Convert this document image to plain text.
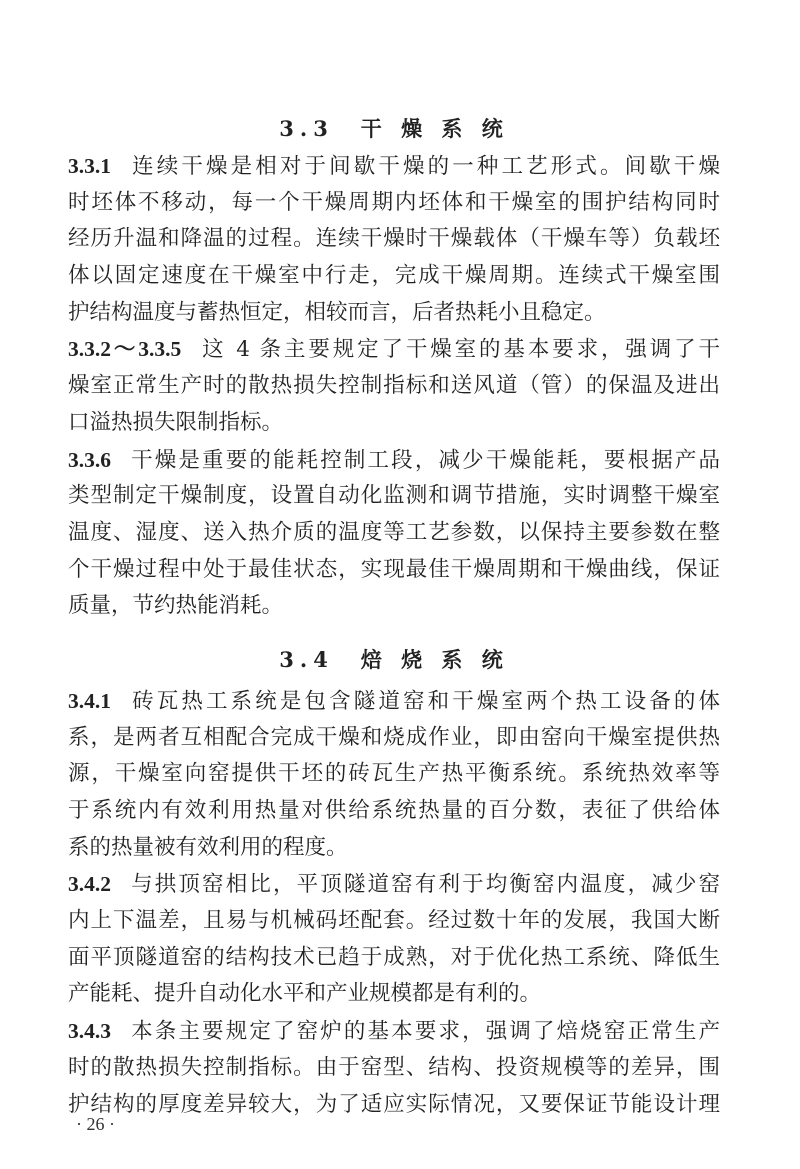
3.3　干 燥 系 统
3.3.1 连续干燥是相对于间歇干燥的一种工艺形式。间歇干燥
时坯体不移动，每一个干燥周期内坯体和干燥室的围护结构同时
经历升温和降温的过程。连续干燥时干燥载体（干燥车等）负载坯
体以固定速度在干燥室中行走，完成干燥周期。连续式干燥室围
护结构温度与蓄热恒定，相较而言，后者热耗小且稳定。
3.3.2～3.3.5 这 4 条主要规定了干燥室的基本要求，强调了干
燥室正常生产时的散热损失控制指标和送风道（管）的保温及进出
口溢热损失限制指标。
3.3.6 干燥是重要的能耗控制工段，减少干燥能耗，要根据产品
类型制定干燥制度，设置自动化监测和调节措施，实时调整干燥室
温度、湿度、送入热介质的温度等工艺参数，以保持主要参数在整
个干燥过程中处于最佳状态，实现最佳干燥周期和干燥曲线，保证
质量，节约热能消耗。
3.4　焙 烧 系 统
3.4.1 砖瓦热工系统是包含隧道窑和干燥室两个热工设备的体
系，是两者互相配合完成干燥和烧成作业，即由窑向干燥室提供热
源，干燥室向窑提供干坯的砖瓦生产热平衡系统。系统热效率等
于系统内有效利用热量对供给系统热量的百分数，表征了供给体
系的热量被有效利用的程度。
3.4.2 与拱顶窑相比，平顶隧道窑有利于均衡窑内温度，减少窑
内上下温差，且易与机械码坯配套。经过数十年的发展，我国大断
面平顶隧道窑的结构技术已趋于成熟，对于优化热工系统、降低生
产能耗、提升自动化水平和产业规模都是有利的。
3.4.3 本条主要规定了窑炉的基本要求，强调了焙烧窑正常生产
时的散热损失控制指标。由于窑型、结构、投资规模等的差异，围
护结构的厚度差异较大，为了适应实际情况，又要保证节能设计理
· 26 ·
